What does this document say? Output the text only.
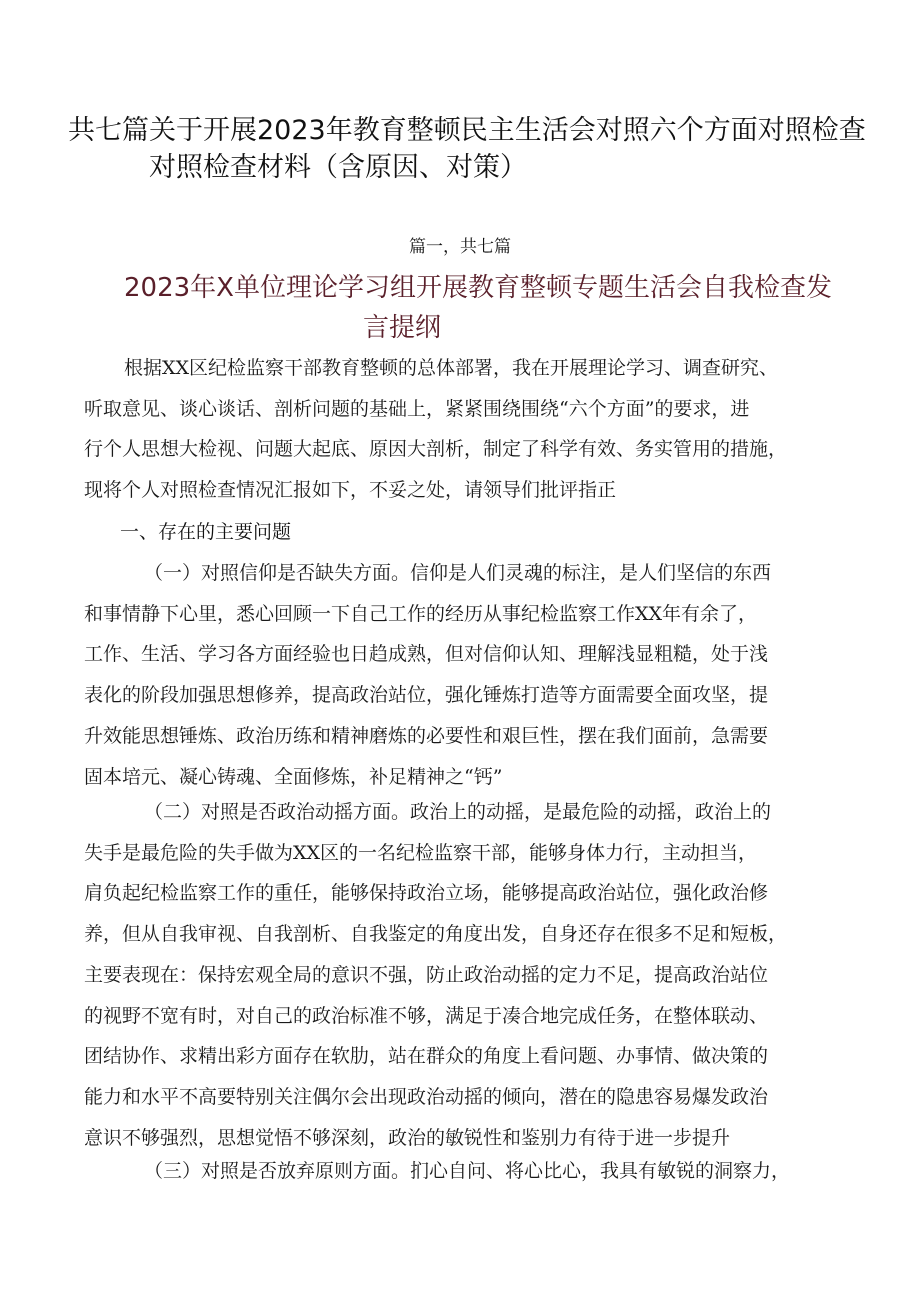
共七篇关于开展2023年教育整顿民主生活会对照六个方面对照检查
对照检查材料（含原因、对策）
篇一，共七篇
2023年X单位理论学习组开展教育整顿专题生活会自我检查发
言提纲
根据XX区纪检监察干部教育整顿的总体部署，我在开展理论学习、调查研究、
听取意见、谈心谈话、剖析问题的基础上，紧紧围绕围绕“六个方面”的要求，进
行个人思想大检视、问题大起底、原因大剖析，制定了科学有效、务实管用的措施，
现将个人对照检查情况汇报如下，不妥之处，请领导们批评指正
一、存在的主要问题
（一）对照信仰是否缺失方面。信仰是人们灵魂的标注，是人们坚信的东西
和事情静下心里，悉心回顾一下自己工作的经历从事纪检监察工作XX年有余了，
工作、生活、学习各方面经验也日趋成熟，但对信仰认知、理解浅显粗糙，处于浅
表化的阶段加强思想修养，提高政治站位，强化锤炼打造等方面需要全面攻坚，提
升效能思想锤炼、政治历练和精神磨炼的必要性和艰巨性，摆在我们面前，急需要
固本培元、凝心铸魂、全面修炼，补足精神之“钙”
（二）对照是否政治动摇方面。政治上的动摇，是最危险的动摇，政治上的
失手是最危险的失手做为XX区的一名纪检监察干部，能够身体力行，主动担当，
肩负起纪检监察工作的重任，能够保持政治立场，能够提高政治站位，强化政治修
养，但从自我审视、自我剖析、自我鉴定的角度出发，自身还存在很多不足和短板，
主要表现在：保持宏观全局的意识不强，防止政治动摇的定力不足，提高政治站位
的视野不宽有时，对自己的政治标准不够，满足于凑合地完成任务，在整体联动、
团结协作、求精出彩方面存在软肋，站在群众的角度上看问题、办事情、做决策的
能力和水平不高要特别关注偶尔会出现政治动摇的倾向，潜在的隐患容易爆发政治
意识不够强烈，思想觉悟不够深刻，政治的敏锐性和鉴别力有待于进一步提升
（三）对照是否放弃原则方面。扪心自问、将心比心，我具有敏锐的洞察力，
